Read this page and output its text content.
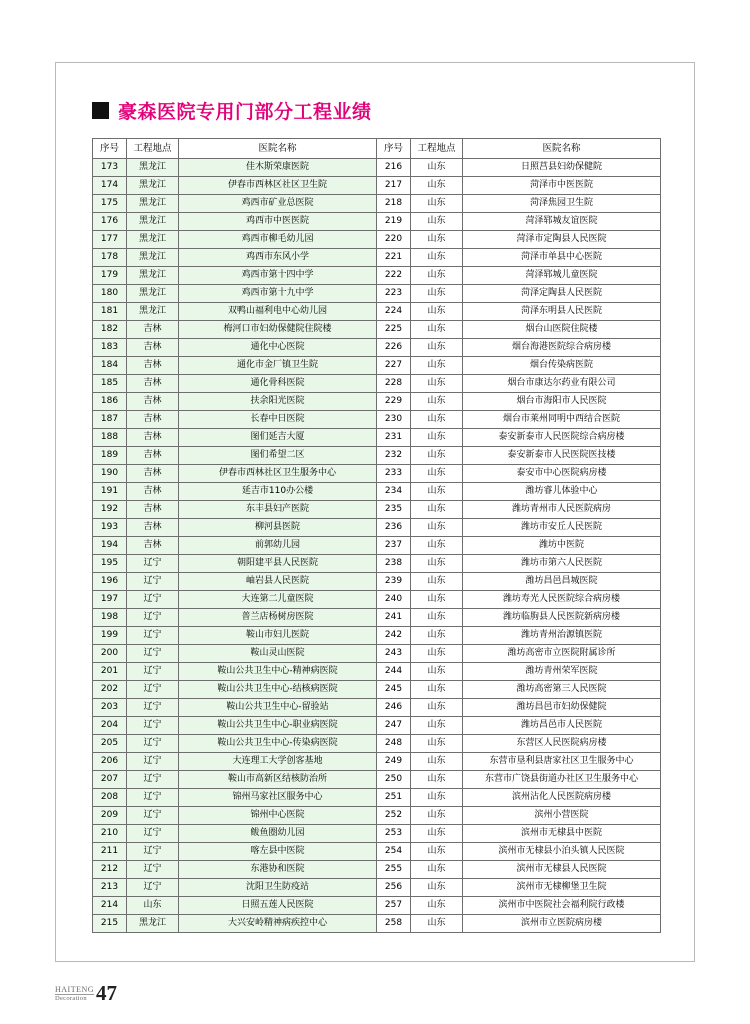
豪森医院专用门部分工程业绩
序号	工程地点	医院名称	序号	工程地点	医院名称
173	黑龙江	佳木斯荣康医院	216	山东	日照莒县妇幼保健院
174	黑龙江	伊春市西林区社区卫生院	217	山东	菏泽市中医医院
175	黑龙江	鸡西市矿业总医院	218	山东	菏泽焦园卫生院
176	黑龙江	鸡西市中医医院	219	山东	菏泽郓城友谊医院
177	黑龙江	鸡西市柳毛幼儿园	220	山东	菏泽市定陶县人民医院
178	黑龙江	鸡西市东风小学	221	山东	菏泽市单县中心医院
179	黑龙江	鸡西市第十四中学	222	山东	菏泽郓城儿童医院
180	黑龙江	鸡西市第十九中学	223	山东	菏泽定陶县人民医院
181	黑龙江	双鸭山福利电中心幼儿园	224	山东	菏泽东明县人民医院
182	吉林	梅河口市妇幼保健院住院楼	225	山东	烟台山医院住院楼
183	吉林	通化中心医院	226	山东	烟台海港医院综合病房楼
184	吉林	通化市金厂镇卫生院	227	山东	烟台传染病医院
185	吉林	通化骨科医院	228	山东	烟台市康达尔药业有限公司
186	吉林	扶余阳光医院	229	山东	烟台市海阳市人民医院
187	吉林	长春中日医院	230	山东	烟台市莱州同明中西结合医院
188	吉林	图们延吉大厦	231	山东	泰安新泰市人民医院综合病房楼
189	吉林	图们希望二区	232	山东	泰安新泰市人民医院医技楼
190	吉林	伊春市西林社区卫生服务中心	233	山东	泰安市中心医院病房楼
191	吉林	延吉市110办公楼	234	山东	潍坊睿儿体验中心
192	吉林	东丰县妇产医院	235	山东	潍坊青州市人民医院病房
193	吉林	柳河县医院	236	山东	潍坊市安丘人民医院
194	吉林	前郭幼儿园	237	山东	潍坊中医院
195	辽宁	朝阳建平县人民医院	238	山东	潍坊市第六人民医院
196	辽宁	岫岩县人民医院	239	山东	潍坊昌邑昌城医院
197	辽宁	大连第二儿童医院	240	山东	潍坊寿光人民医院综合病房楼
198	辽宁	普兰店杨树房医院	241	山东	潍坊临朐县人民医院新病房楼
199	辽宁	鞍山市妇儿医院	242	山东	潍坊青州治源镇医院
200	辽宁	鞍山灵山医院	243	山东	潍坊高密市立医院附属诊所
201	辽宁	鞍山公共卫生中心-精神病医院	244	山东	潍坊青州荣军医院
202	辽宁	鞍山公共卫生中心-结核病医院	245	山东	潍坊高密第三人民医院
203	辽宁	鞍山公共卫生中心-留验站	246	山东	潍坊昌邑市妇幼保健院
204	辽宁	鞍山公共卫生中心-职业病医院	247	山东	潍坊昌邑市人民医院
205	辽宁	鞍山公共卫生中心-传染病医院	248	山东	东营区人民医院病房楼
206	辽宁	大连理工大学创客基地	249	山东	东营市垦利县唐家社区卫生服务中心
207	辽宁	鞍山市高新区结核防治所	250	山东	东营市广饶县街道办社区卫生服务中心
208	辽宁	锦州马家社区服务中心	251	山东	滨州沾化人民医院病房楼
209	辽宁	锦州中心医院	252	山东	滨州小营医院
210	辽宁	鲅鱼圈幼儿园	253	山东	滨州市无棣县中医院
211	辽宁	喀左县中医院	254	山东	滨州市无棣县小泊头镇人民医院
212	辽宁	东港协和医院	255	山东	滨州市无棣县人民医院
213	辽宁	沈阳卫生防疫站	256	山东	滨州市无棣柳堡卫生院
214	山东	日照五莲人民医院	257	山东	滨州市中医院社会福利院行政楼
215	黑龙江	大兴安岭精神病疾控中心	258	山东	滨州市立医院病房楼
HAITENG
Decoration 47
